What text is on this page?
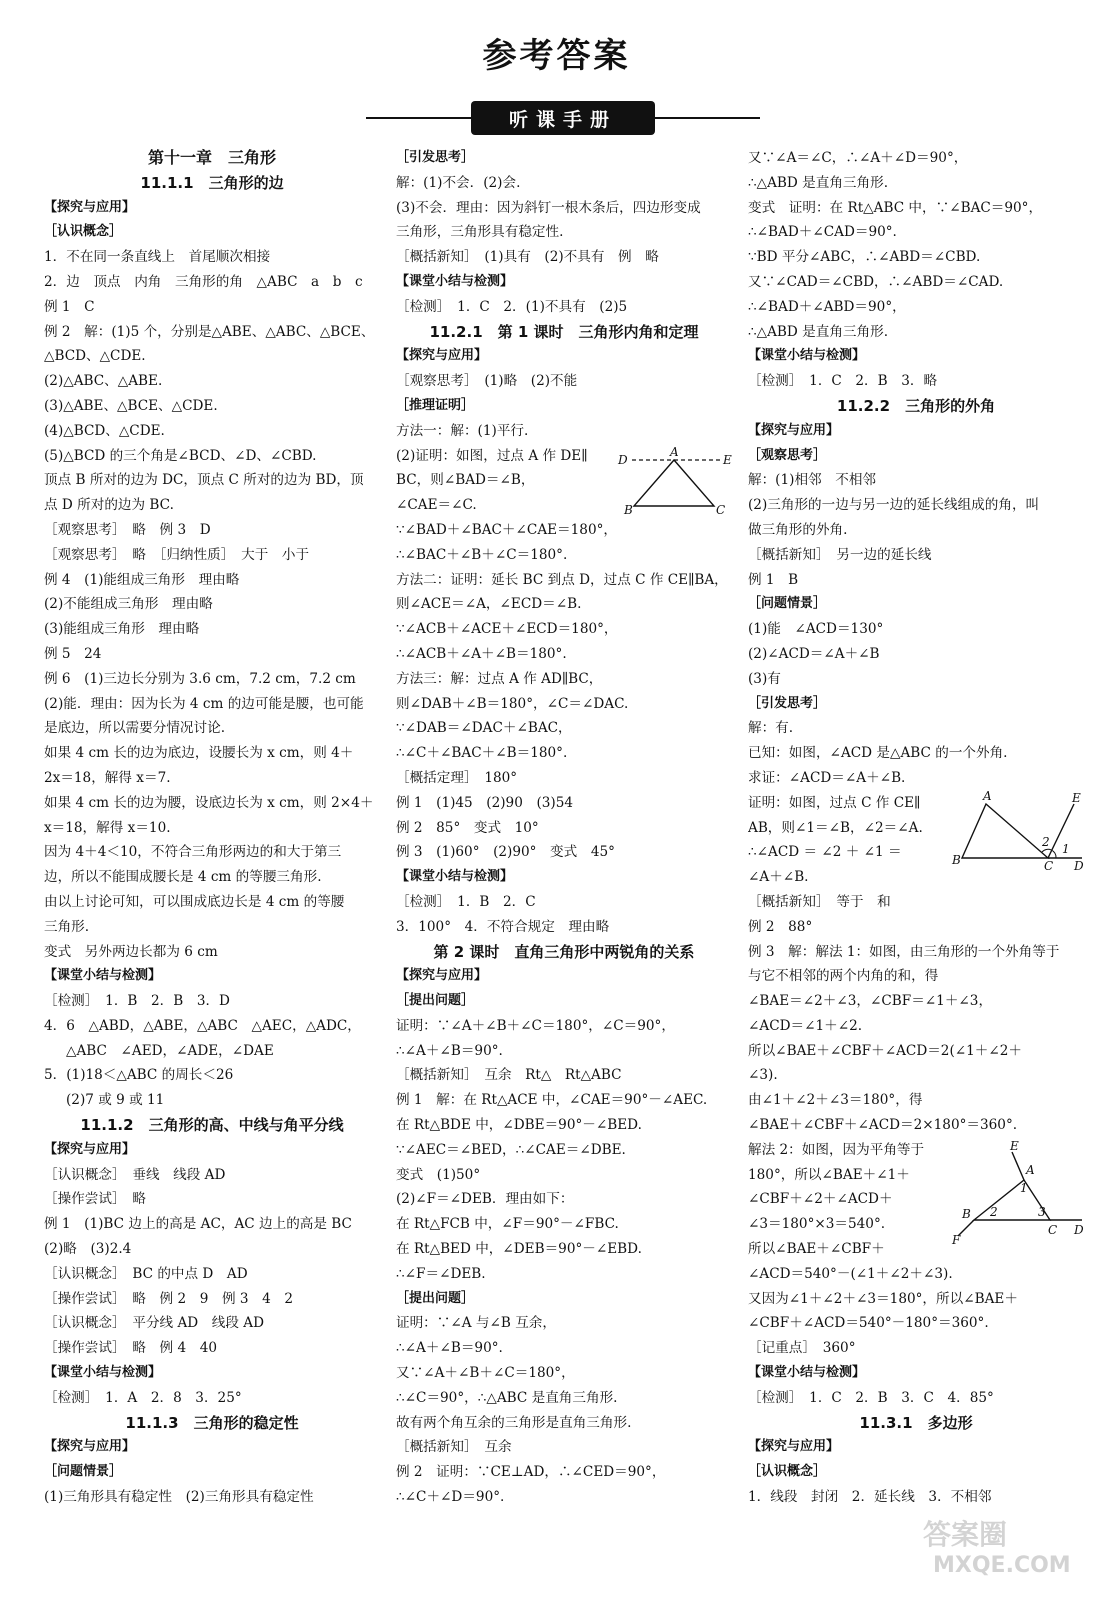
参考答案
听课手册
第十一章　三角形
11.1.1　三角形的边
【探究与应用】
［认识概念］
1．不在同一条直线上　首尾顺次相接
2．边　顶点　内角　三角形的角　△ABC　a　b　c
例 1　C
例 2　解：(1)5 个，分别是△ABE、△ABC、△BCE、
△BCD、△CDE.
(2)△ABC、△ABE.
(3)△ABE、△BCE、△CDE.
(4)△BCD、△CDE.
(5)△BCD 的三个角是∠BCD、∠D、∠CBD.
顶点 B 所对的边为 DC，顶点 C 所对的边为 BD，顶
点 D 所对的边为 BC.
［观察思考］　略　例 3　D
［观察思考］　略　［归纳性质］　大于　小于
例 4　(1)能组成三角形　理由略
(2)不能组成三角形　理由略
(3)能组成三角形　理由略
例 5　24
例 6　(1)三边长分别为 3.6 cm，7.2 cm，7.2 cm
(2)能．理由：因为长为 4 cm 的边可能是腰，也可能
是底边，所以需要分情况讨论.
如果 4 cm 长的边为底边，设腰长为 x cm，则 4＋
2x＝18，解得 x＝7.
如果 4 cm 长的边为腰，设底边长为 x cm，则 2×4＋
x＝18，解得 x＝10.
因为 4＋4＜10，不符合三角形两边的和大于第三
边，所以不能围成腰长是 4 cm 的等腰三角形.
由以上讨论可知，可以围成底边长是 4 cm 的等腰
三角形.
变式　另外两边长都为 6 cm
【课堂小结与检测】
［检测］　1．B　2．B　3．D
4．6　△ABD，△ABE，△ABC　△AEC，△ADC，
△ABC　∠AED，∠ADE，∠DAE
5．(1)18＜△ABC 的周长＜26
(2)7 或 9 或 11
11.1.2　三角形的高、中线与角平分线
【探究与应用】
［认识概念］　垂线　线段 AD
［操作尝试］　略
例 1　(1)BC 边上的高是 AC，AC 边上的高是 BC
(2)略　(3)2.4
［认识概念］　BC 的中点 D　AD
［操作尝试］　略　例 2　9　例 3　4　2
［认识概念］　平分线 AD　线段 AD
［操作尝试］　略　例 4　40
【课堂小结与检测】
［检测］　1．A　2．8　3．25°
11.1.3　三角形的稳定性
【探究与应用】
［问题情景］
(1)三角形具有稳定性　(2)三角形具有稳定性
［引发思考］
解：(1)不会．(2)会.
(3)不会．理由：因为斜钉一根木条后，四边形变成
三角形，三角形具有稳定性.
［概括新知］　(1)具有　(2)不具有　例　略
【课堂小结与检测】
［检测］　1．C　2．(1)不具有　(2)5
11.2.1　第 1 课时　三角形内角和定理
【探究与应用】
［观察思考］　(1)略　(2)不能
［推理证明］
方法一：解：(1)平行.
(2)证明：如图，过点 A 作 DE∥
BC，则∠BAD＝∠B，
∠CAE＝∠C.
∵∠BAD＋∠BAC＋∠CAE＝180°，
∴∠BAC＋∠B＋∠C＝180°.
方法二：证明：延长 BC 到点 D，过点 C 作 CE∥BA，
则∠ACE＝∠A，∠ECD＝∠B.
∵∠ACB＋∠ACE＋∠ECD＝180°，
∴∠ACB＋∠A＋∠B＝180°.
方法三：解：过点 A 作 AD∥BC，
则∠DAB＋∠B＝180°，∠C＝∠DAC.
∵∠DAB＝∠DAC＋∠BAC，
∴∠C＋∠BAC＋∠B＝180°.
［概括定理］　180°
例 1　(1)45　(2)90　(3)54
例 2　85°　变式　10°
例 3　(1)60°　(2)90°　变式　45°
【课堂小结与检测】
［检测］　1．B　2．C
3．100°　4．不符合规定　理由略
第 2 课时　直角三角形中两锐角的关系
【探究与应用】
［提出问题］
证明：∵∠A＋∠B＋∠C＝180°，∠C＝90°，
∴∠A＋∠B＝90°.
［概括新知］　互余　Rt△　Rt△ABC
例 1　解：在 Rt△ACE 中，∠CAE＝90°－∠AEC.
在 Rt△BDE 中，∠DBE＝90°－∠BED.
∵∠AEC＝∠BED，∴∠CAE＝∠DBE.
变式　(1)50°
(2)∠F＝∠DEB．理由如下：
在 Rt△FCB 中，∠F＝90°－∠FBC.
在 Rt△BED 中，∠DEB＝90°－∠EBD.
∴∠F＝∠DEB.
［提出问题］
证明：∵∠A 与∠B 互余，
∴∠A＋∠B＝90°.
又∵∠A＋∠B＋∠C＝180°，
∴∠C＝90°，∴△ABC 是直角三角形.
故有两个角互余的三角形是直角三角形.
［概括新知］　互余
例 2　证明：∵CE⊥AD，∴∠CED＝90°，
∴∠C＋∠D＝90°.
又∵∠A＝∠C，∴∠A＋∠D＝90°，
∴△ABD 是直角三角形.
变式　证明：在 Rt△ABC 中，∵∠BAC＝90°，
∴∠BAD＋∠CAD＝90°.
∵BD 平分∠ABC，∴∠ABD＝∠CBD.
又∵∠CAD＝∠CBD，∴∠ABD＝∠CAD.
∴∠BAD＋∠ABD＝90°，
∴△ABD 是直角三角形.
【课堂小结与检测】
［检测］　1．C　2．B　3．略
11.2.2　三角形的外角
【探究与应用】
［观察思考］
解：(1)相邻　不相邻
(2)三角形的一边与另一边的延长线组成的角，叫
做三角形的外角.
［概括新知］　另一边的延长线
例 1　B
［问题情景］
(1)能　∠ACD＝130°
(2)∠ACD＝∠A＋∠B
(3)有
［引发思考］
解：有.
已知：如图，∠ACD 是△ABC 的一个外角.
求证：∠ACD＝∠A＋∠B.
证明：如图，过点 C 作 CE∥
AB，则∠1＝∠B，∠2＝∠A.
∴∠ACD ＝ ∠2 ＋ ∠1 ＝
∠A＋∠B.
［概括新知］　等于　和
例 2　88°
例 3　解：解法 1：如图，由三角形的一个外角等于
与它不相邻的两个内角的和，得
∠BAE＝∠2＋∠3，∠CBF＝∠1＋∠3，
∠ACD＝∠1＋∠2.
所以∠BAE＋∠CBF＋∠ACD＝2(∠1＋∠2＋
∠3).
由∠1＋∠2＋∠3＝180°，得
∠BAE＋∠CBF＋∠ACD＝2×180°＝360°.
解法 2：如图，因为平角等于
180°，所以∠BAE＋∠1＋
∠CBF＋∠2＋∠ACD＋
∠3＝180°×3＝540°.
所以∠BAE＋∠CBF＋
∠ACD＝540°－(∠1＋∠2＋∠3).
又因为∠1＋∠2＋∠3＝180°，所以∠BAE＋
∠CBF＋∠ACD＝540°－180°＝360°.
［记重点］　360°
【课堂小结与检测】
［检测］　1．C　2．B　3．C　4．85°
11.3.1　多边形
【探究与应用】
［认识概念］
1．线段　封闭　2．延长线　3．不相邻
D
A
E
B	C
A	E
2 1
B	C D
E
A
1
B 2	3
C D
F
答案圈
MXQE.COM
